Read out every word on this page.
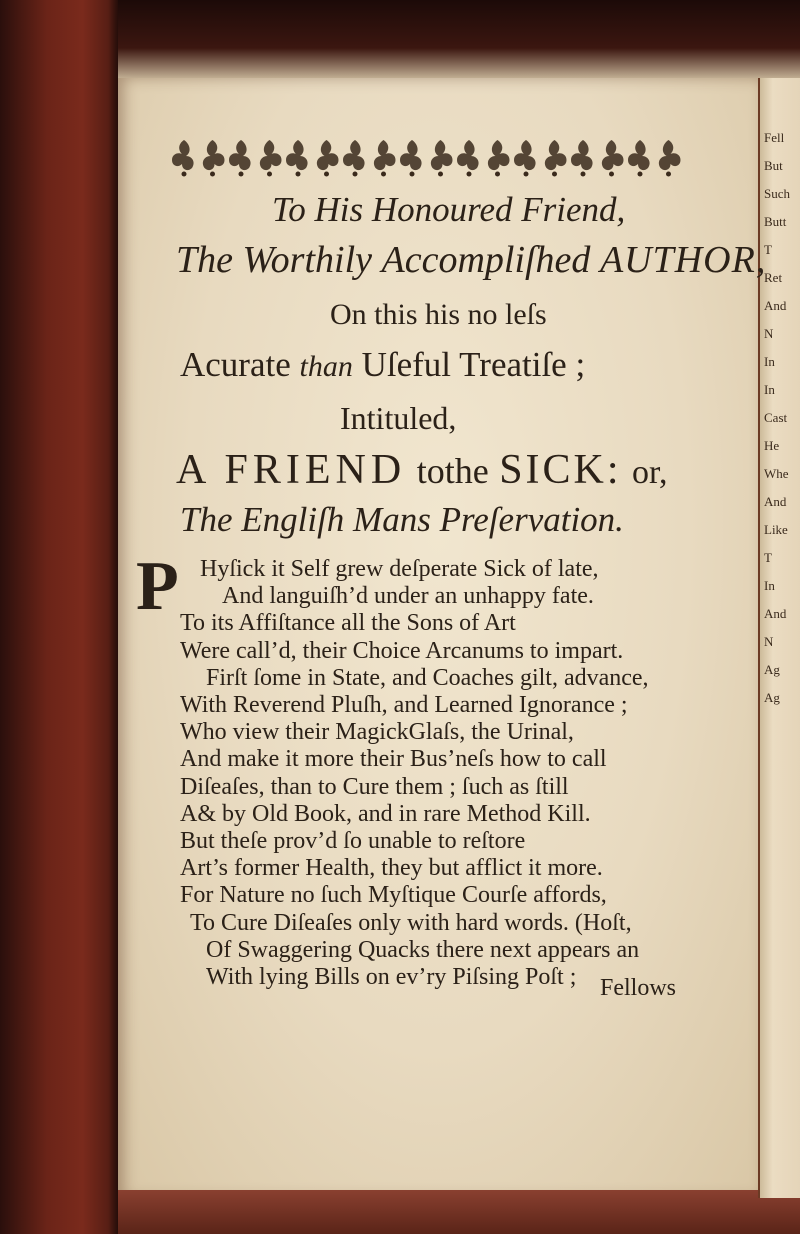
Fell
But
Such
Butt
T
Ret
And
N
In
In
Cast
He
Whe
And
Like
T
In
And
N
Ag
Ag
To His Honoured Friend,
The Worthily Accompliſhed AUTHOR,
On this his no leſs
Acurate than Uſeful Treatiſe ;
Intituled,
A FRIEND tothe SICK: or,
The Engliſh Mans Preſervation.
P Hyſick it Self grew deſperate Sick of late,
And languiſh’d under an unhappy fate.
To its Affiſtance all the Sons of Art
Were call’d, their Choice Arcanums to impart.
Firſt ſome in State, and Coaches gilt, advance,
With Reverend Pluſh, and Learned Ignorance ;
Who view their MagickGlaſs, the Urinal,
And make it more their Bus’neſs how to call
Diſeaſes, than to Cure them ; ſuch as ſtill
A& by Old Book, and in rare Method Kill.
But theſe prov’d ſo unable to reſtore
Art’s former Health, they but afflict it more.
For Nature no ſuch Myſtique Courſe affords,
To Cure Diſeaſes only with hard words. (Hoſt,
Of Swaggering Quacks there next appears an
With lying Bills on ev’ry Piſsing Poſt ; Fellows
